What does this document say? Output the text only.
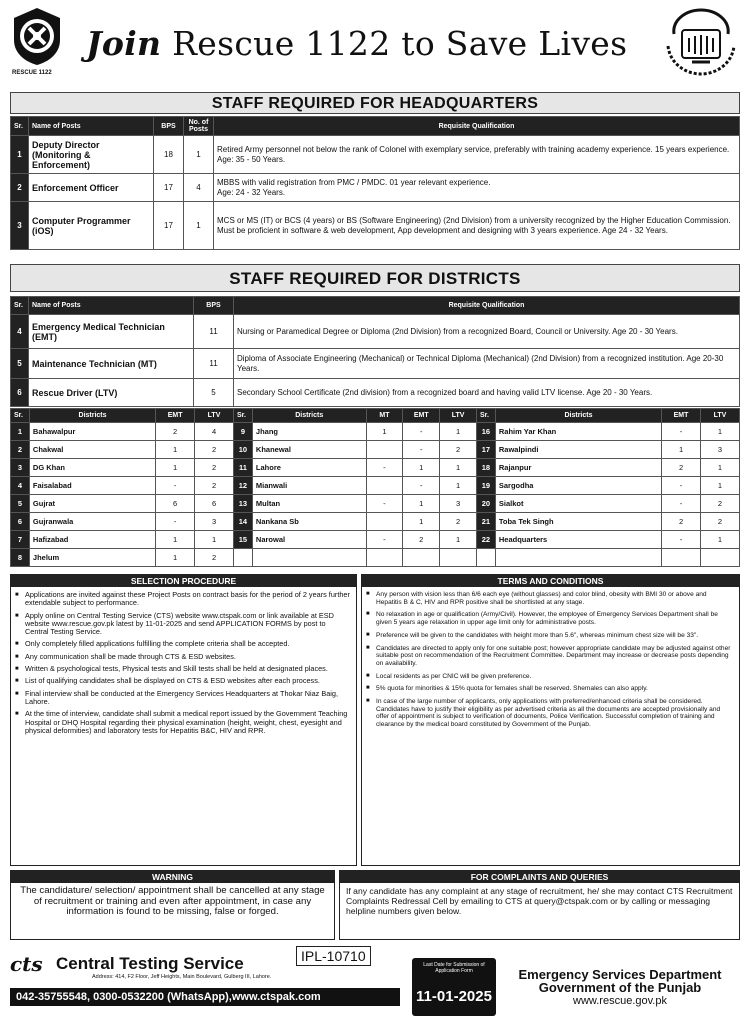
RESCUE 1122
Join Rescue 1122 to Save Lives
STAFF REQUIRED FOR HEADQUARTERS
Sr.	Name of Posts	BPS	No. of Posts	Requisite Qualification
1	Deputy Director (Monitoring & Enforcement)	18	1	Retired Army personnel not below the rank of Colonel with exemplary service, preferably with training academy experience. 15 years experience.
Age: 35 - 50 Years.
2	Enforcement Officer	17	4	MBBS with valid registration from PMC / PMDC. 01 year relevant experience.
Age: 24 - 32 Years.
3	Computer Programmer (iOS)	17	1	MCS or MS (IT) or BCS (4 years) or BS (Software Engineering) (2nd Division) from a university recognized by the Higher Education Commission. Must be proficient in software & web development, App development and designing with 3 years experience. Age 24 - 32 Years.
STAFF REQUIRED FOR DISTRICTS
Sr.	Name of Posts	BPS	Requisite Qualification
4	Emergency Medical Technician (EMT)	11	Nursing or Paramedical Degree or Diploma (2nd Division) from a recognized Board, Council or University. Age 20 - 30 Years.
5	Maintenance Technician (MT)	11	Diploma of Associate Engineering (Mechanical) or Technical Diploma (Mechanical) (2nd Division) from a recognized institution. Age 20-30 Years.
6	Rescue Driver (LTV)	5	Secondary School Certificate (2nd division) from a recognized board and having valid LTV license. Age 20 - 30 Years.
Sr.	Districts	EMT	LTV	Sr.	Districts	MT	EMT	LTV	Sr.	Districts	EMT	LTV
1	Bahawalpur	2	4	9	Jhang	1	-	1	16	Rahim Yar Khan	-	1
2	Chakwal	1	2	10	Khanewal		-	2	17	Rawalpindi	1	3
3	DG Khan	1	2	11	Lahore	-	1	1	18	Rajanpur	2	1
4	Faisalabad	-	2	12	Mianwali		-	1	19	Sargodha	-	1
5	Gujrat	6	6	13	Multan	-	1	3	20	Sialkot	-	2
6	Gujranwala	-	3	14	Nankana Sb		1	2	21	Toba Tek Singh	2	2
7	Hafizabad	1	1	15	Narowal	-	2	1	22	Headquarters	-	1
8	Jhelum	1	2									
SELECTION PROCEDURE
■ Applications are invited against these Project Posts on contract basis for the period of 2 years further extendable subject to performance.
■ Apply online on Central Testing Service (CTS) website www.ctspak.com or link available at ESD website www.rescue.gov.pk latest by 11-01-2025 and send APPLICATION FORMS by post to Central Testing Service.
■ Only completely filled applications fulfilling the complete criteria shall be accepted.
■ Any communication shall be made through CTS & ESD websites.
■ Written & psychological tests, Physical tests and Skill tests shall be held at designated places.
■ List of qualifying candidates shall be displayed on CTS & ESD websites after each process.
■ Final interview shall be conducted at the Emergency Services Headquarters at Thokar Niaz Baig, Lahore.
■ At the time of interview, candidate shall submit a medical report issued by the Government Teaching Hospital or DHQ Hospital regarding their physical examination (height, weight, chest, eyesight and physical deformities) and laboratory tests for Hepatitis B&C, HIV and RPR.
TERMS AND CONDITIONS
■ Any person with vision less than 6/6 each eye (without glasses) and color blind, obesity with BMI 30 or above and Hepatitis B & C, HIV and RPR positive shall be shortlisted at any stage.
■ No relaxation in age or qualification (Army/Civil). However, the employee of Emergency Services Department shall be given 5 years age relaxation in upper age limit only for administrative posts.
■ Preference will be given to the candidates with height more than 5.6", whereas minimum chest size will be 33".
■ Candidates are directed to apply only for one suitable post; however appropriate candidate may be adjusted against other suitable post on recommendation of the Recruitment Committee. Department may increase or decrease posts depending on availability.
■ Local residents as per CNIC will be given preference.
■ 5% quota for minorities & 15% quota for females shall be reserved. Shemales can also apply.
■ In case of the large number of applicants, only applications with preferred/enhanced criteria shall be considered. Candidates have to justify their eligibility as per advertised criteria as all the documents are accepted provisionally and offer of appointment is subject to verification of documents, Police Verification. Successful completion of training and clearance by the medical board constituted by Government of the Punjab.
WARNING
The candidature/ selection/ appointment shall be cancelled at any stage of recruitment or training and even after appointment, in case any information is found to be missing, false or forged.
FOR COMPLAINTS AND QUERIES
If any candidate has any complaint at any stage of recruitment, he/ she may contact CTS Recruitment Complaints Redressal Cell by emailing to CTS at query@ctspak.com or by calling or messaging helpline numbers given below.
cts Central Testing Service
Address: 414, F2 Floor, Jeff Heights, Main Boulevard, Gulberg III, Lahore.
042-35755548, 0300-0532200 (WhatsApp),www.ctspak.com
IPL-10710
Last Date for Submission of Application Form
11-01-2025
Emergency Services Department
Government of the Punjab
www.rescue.gov.pk
